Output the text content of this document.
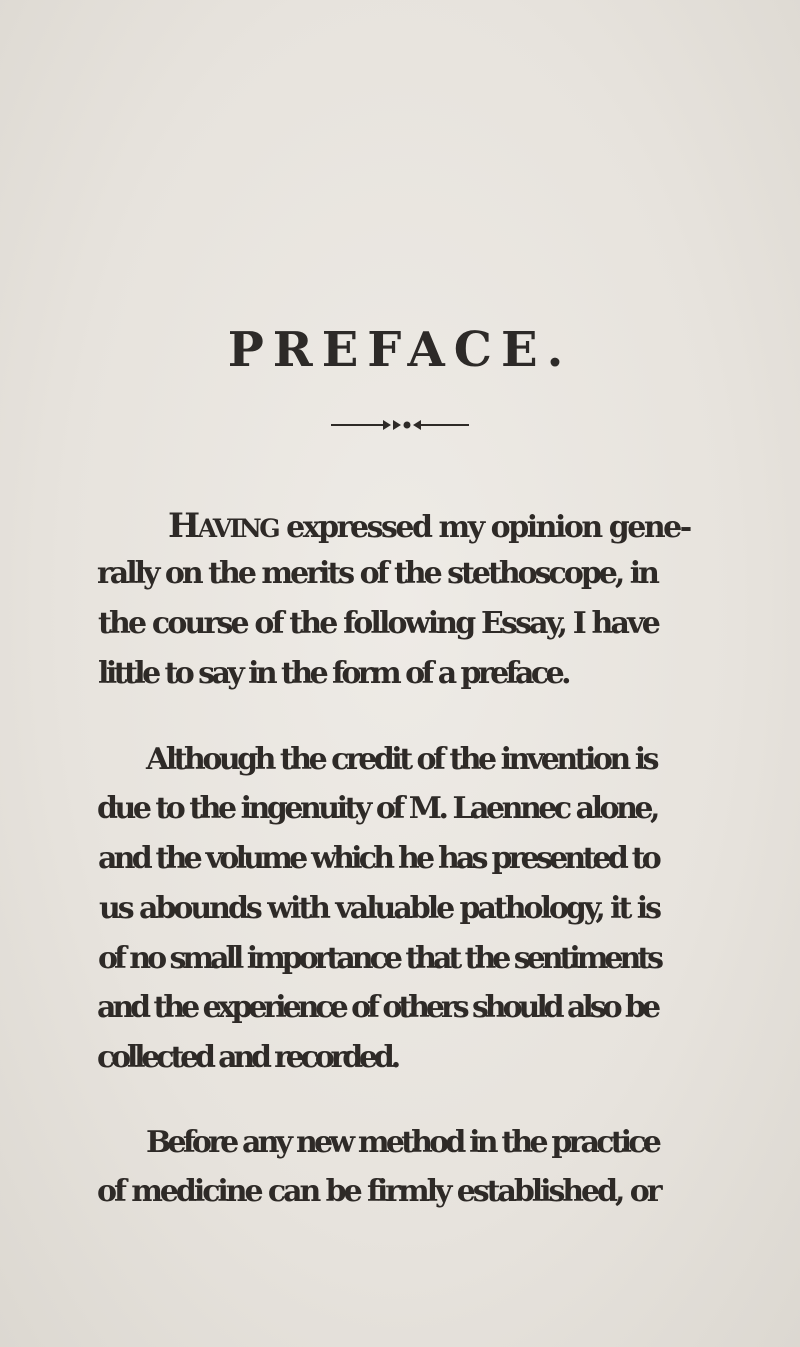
PREFACE.
HAVING expressed my opinion gene-
rally on the merits of the stethoscope, in
the course of the following Essay, I have
little to say in the form of a preface.
Although the credit of the invention is
due to the ingenuity of M. Laennec alone,
and the volume which he has presented to
us abounds with valuable pathology, it is
of no small importance that the sentiments
and the experience of others should also be
collected and recorded.
Before any new method in the practice
of medicine can be firmly established, or
